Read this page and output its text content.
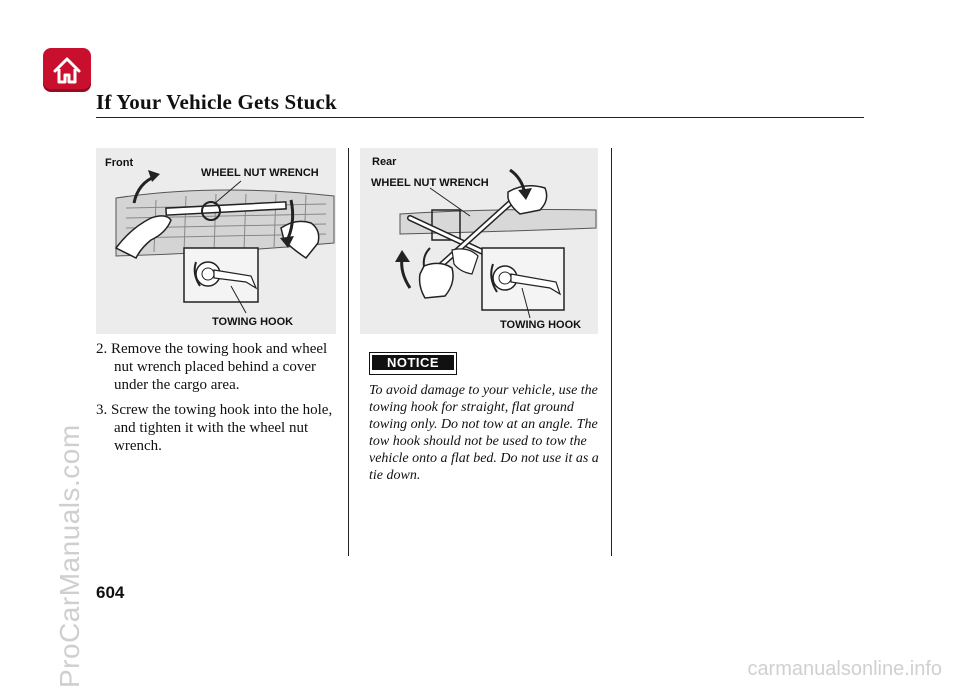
ProCarManuals.com	carmanualsonline.info
If Your Vehicle Gets Stuck
Front
WHEEL NUT WRENCH
TOWING HOOK
Rear
WHEEL NUT WRENCH
TOWING HOOK
2. Remove the towing hook and wheel nut wrench placed behind a cover under the cargo area.
3. Screw the towing hook into the hole, and tighten it with the wheel nut wrench.
NOTICE
To avoid damage to your vehicle, use the towing hook for straight, flat ground towing only. Do not tow at an angle. The tow hook should not be used to tow the vehicle onto a flat bed. Do not use it as a tie down.
604
